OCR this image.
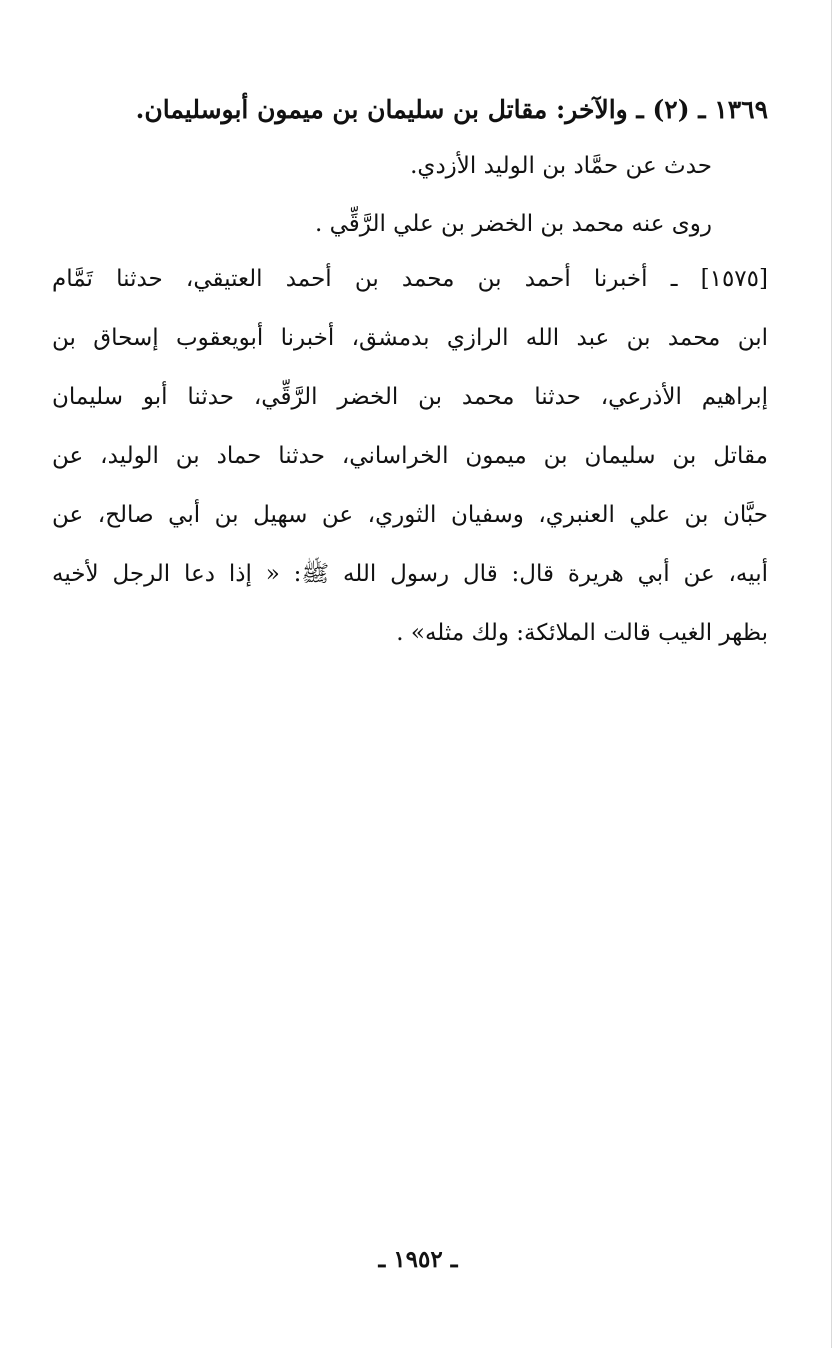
١٣٦٩ ـ (٢) ـ والآخر: مقاتل بن سليمان بن ميمون أبوسليمان.

حدث عن حمَّاد بن الوليد الأزدي.

روى عنه محمد بن الخضر بن علي الرَّقِّي .

[١٥٧٥] ـ أخبرنا أحمد بن محمد بن أحمد العتيقي، حدثنا تَمَّام
ابن محمد بن عبد الله الرازي بدمشق، أخبرنا أبويعقوب إسحاق بن
إبراهيم الأذرعي، حدثنا محمد بن الخضر الرَّقِّي، حدثنا أبو سليمان
مقاتل بن سليمان بن ميمون الخراساني، حدثنا حماد بن الوليد، عن
حبَّان بن علي العنبري، وسفيان الثوري، عن سهيل بن أبي صالح، عن
أبيه، عن أبي هريرة قال: قال رسول الله ﷺ: « إذا دعا الرجل لأخيه
بظهر الغيب قالت الملائكة: ولك مثله» .
ـ ١٩٥٢ ـ
